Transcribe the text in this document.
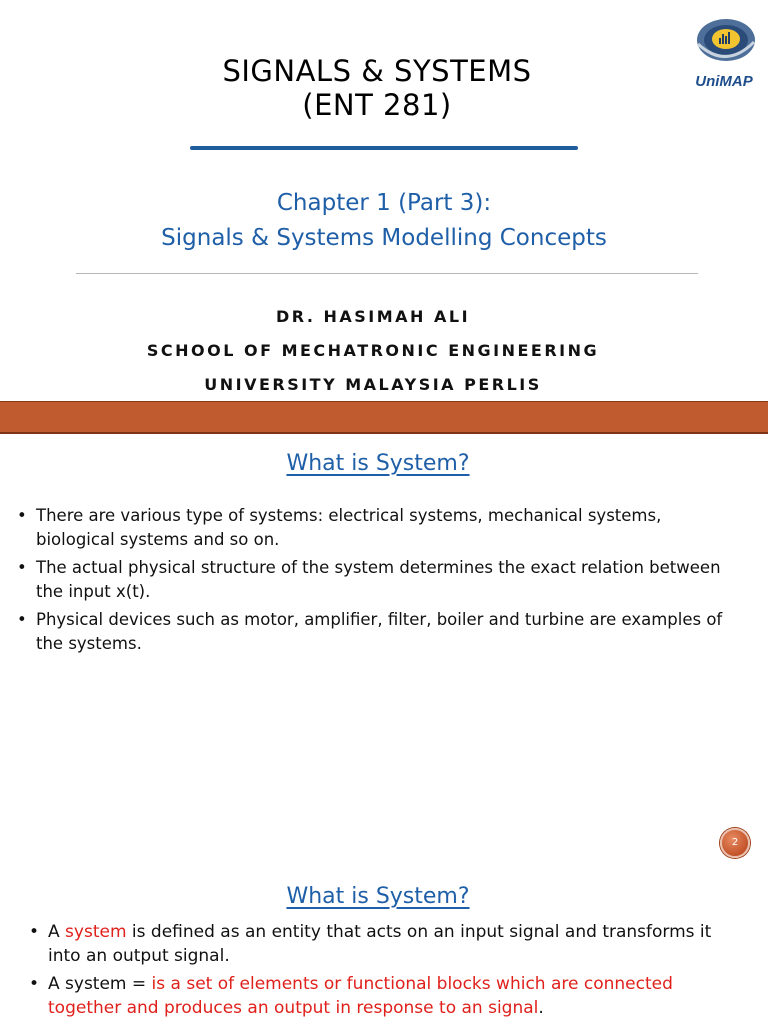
UniMAP
SIGNALS & SYSTEMS
(ENT 281)
Chapter 1 (Part 3):
Signals & Systems Modelling Concepts
DR. HASIMAH ALI
SCHOOL OF MECHATRONIC ENGINEERING
UNIVERSITY MALAYSIA PERLIS
What is System?
• There are various type of systems: electrical systems, mechanical systems, biological systems and so on.
• The actual physical structure of the system determines the exact relation between the input x(t).
• Physical devices such as motor, amplifier, filter, boiler and turbine are examples of the systems.
2
What is System?
• A system is defined as an entity that acts on an input signal and transforms it into an output signal.
• A system = is a set of elements or functional blocks which are connected together and produces an output in response to an signal.
